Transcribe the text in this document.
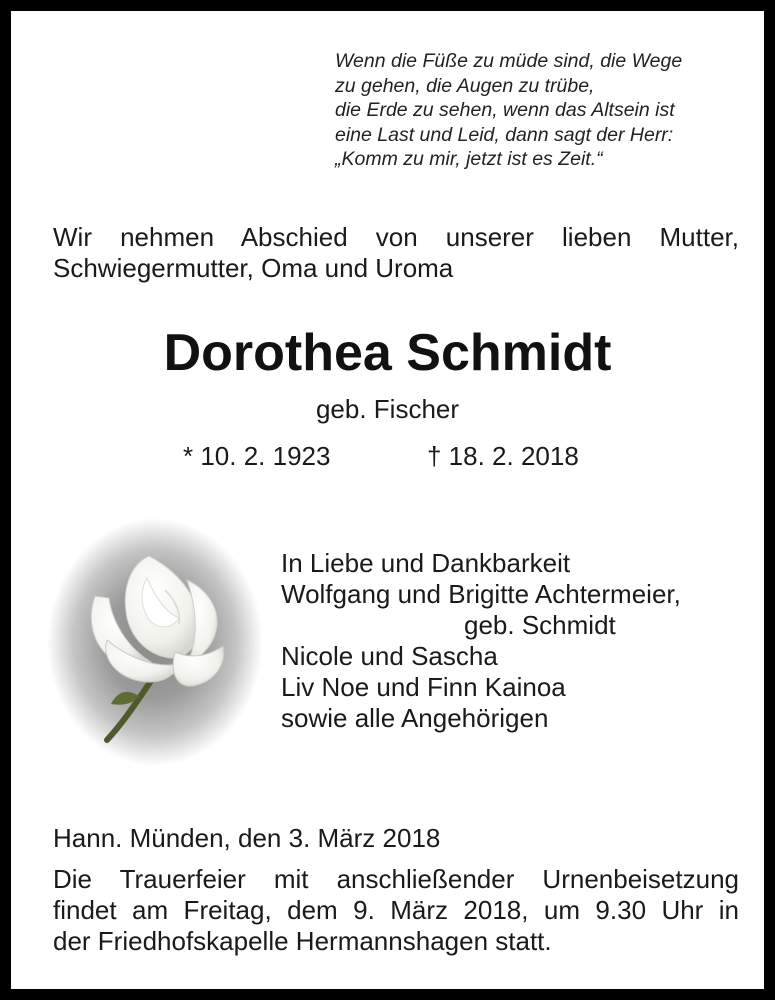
Wenn die Füße zu müde sind, die Wege
zu gehen, die Augen zu trübe,
die Erde zu sehen, wenn das Altsein ist
eine Last und Leid, dann sagt der Herr:
„Komm zu mir, jetzt ist es Zeit.“
Wir nehmen Abschied von unserer lieben Mutter,
Schwiegermutter, Oma und Uroma
Dorothea Schmidt
geb. Fischer
* 10. 2. 1923	† 18. 2. 2018
In Liebe und Dankbarkeit
Wolfgang und Brigitte Achtermeier,
geb. Schmidt
Nicole und Sascha
Liv Noe und Finn Kainoa
sowie alle Angehörigen
Hann. Münden, den 3. März 2018
Die Trauerfeier mit anschließender Urnenbeisetzung
findet am Freitag, dem 9. März 2018, um 9.30 Uhr in
der Friedhofskapelle Hermannshagen statt.
